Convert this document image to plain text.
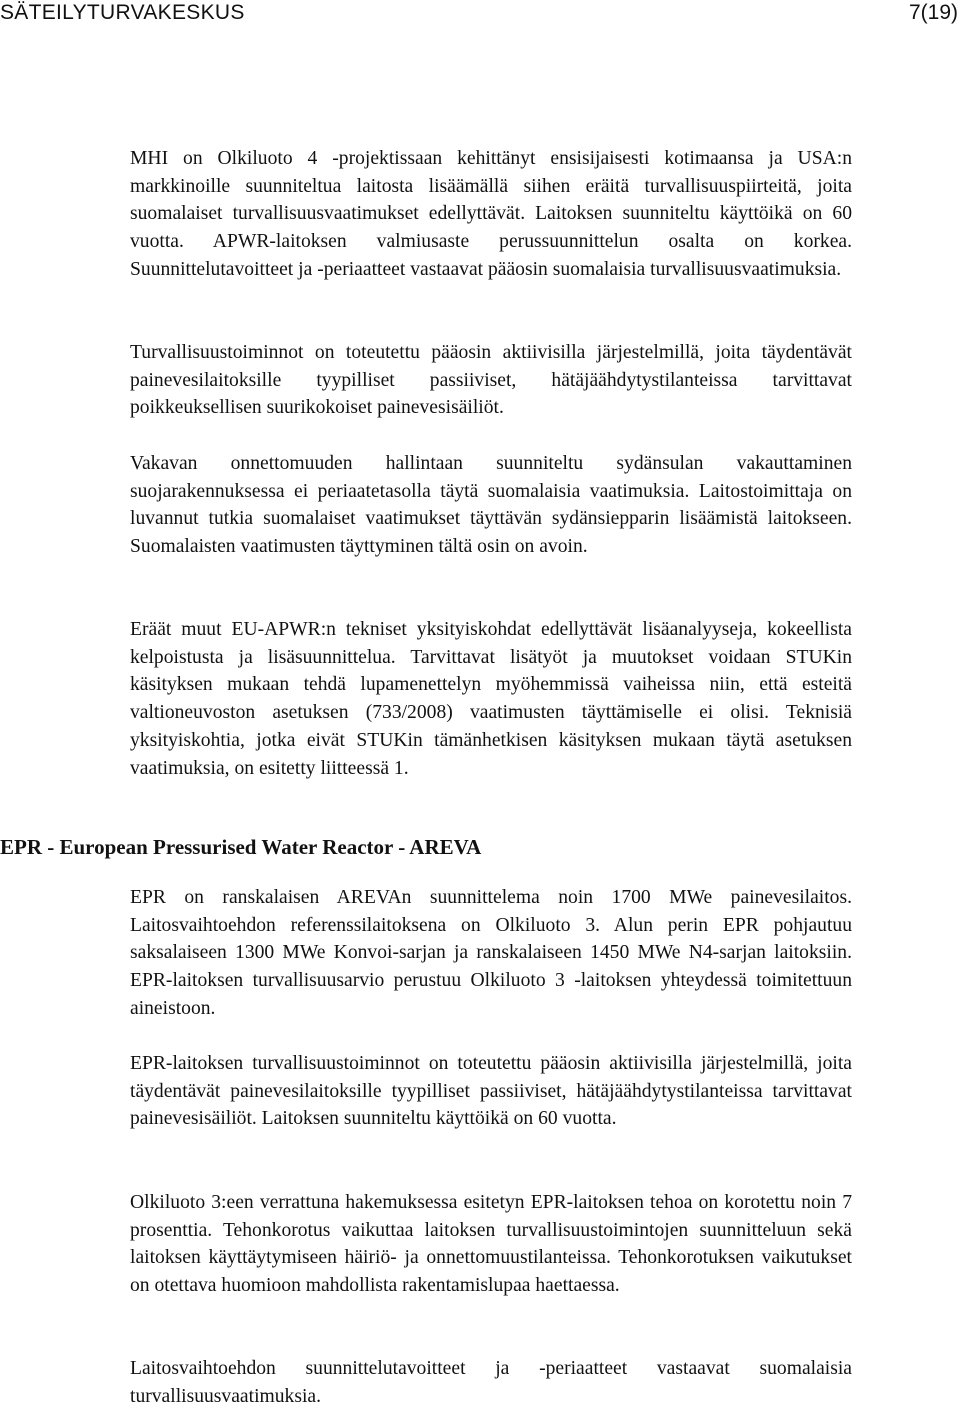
SÄTEILYTURVAKESKUS	7(19)

MHI on Olkiluoto 4 -projektissaan kehittänyt ensisijaisesti kotimaansa ja USA:n markkinoille suunniteltua laitosta lisäämällä siihen eräitä turvallisuuspiirteitä, joita suomalaiset turvallisuusvaatimukset edellyttävät. Laitoksen suunniteltu käyttöikä on 60 vuotta. APWR-laitoksen valmiusaste perussuunnittelun osalta on korkea. Suunnittelutavoitteet ja -periaatteet vastaavat pääosin suomalaisia turvallisuusvaatimuksia.

Turvallisuustoiminnot on toteutettu pääosin aktiivisilla järjestelmillä, joita täydentävät painevesilaitoksille tyypilliset passiiviset, hätäjäähdytystilanteissa tarvittavat poikkeuksellisen suurikokoiset painevesisäiliöt.

Vakavan onnettomuuden hallintaan suunniteltu sydänsulan vakauttaminen suojarakennuksessa ei periaatetasolla täytä suomalaisia vaatimuksia. Laitostoimittaja on luvannut tutkia suomalaiset vaatimukset täyttävän sydänsiepparin lisäämistä laitokseen. Suomalaisten vaatimusten täyttyminen tältä osin on avoin.

Eräät muut EU-APWR:n tekniset yksityiskohdat edellyttävät lisäanalyyseja, kokeellista kelpoistusta ja lisäsuunnittelua. Tarvittavat lisätyöt ja muutokset voidaan STUKin käsityksen mukaan tehdä lupamenettelyn myöhemmissä vaiheissa niin, että esteitä valtioneuvoston asetuksen (733/2008) vaatimusten täyttämiselle ei olisi. Teknisiä yksityiskohtia, jotka eivät STUKin tämänhetkisen käsityksen mukaan täytä asetuksen vaatimuksia, on esitetty liitteessä 1.

EPR - European Pressurised Water Reactor - AREVA

EPR on ranskalaisen AREVAn suunnittelema noin 1700 MWe painevesilaitos. Laitosvaihtoehdon referenssilaitoksena on Olkiluoto 3. Alun perin EPR pohjautuu saksalaiseen 1300 MWe Konvoi-sarjan ja ranskalaiseen 1450 MWe N4-sarjan laitoksiin. EPR-laitoksen turvallisuusarvio perustuu Olkiluoto 3 -laitoksen yhteydessä toimitettuun aineistoon.

EPR-laitoksen turvallisuustoiminnot on toteutettu pääosin aktiivisilla järjestelmillä, joita täydentävät painevesilaitoksille tyypilliset passiiviset, hätäjäähdytystilanteissa tarvittavat painevesisäiliöt. Laitoksen suunniteltu käyttöikä on 60 vuotta.

Olkiluoto 3:een verrattuna hakemuksessa esitetyn EPR-laitoksen tehoa on korotettu noin 7 prosenttia. Tehonkorotus vaikuttaa laitoksen turvallisuustoimintojen suunnitteluun sekä laitoksen käyttäytymiseen häiriö- ja onnettomuustilanteissa. Tehonkorotuksen vaikutukset on otettava huomioon mahdollista rakentamislupaa haettaessa.

Laitosvaihtoehdon suunnittelutavoitteet ja -periaatteet vastaavat suomalaisia turvallisuusvaatimuksia.
